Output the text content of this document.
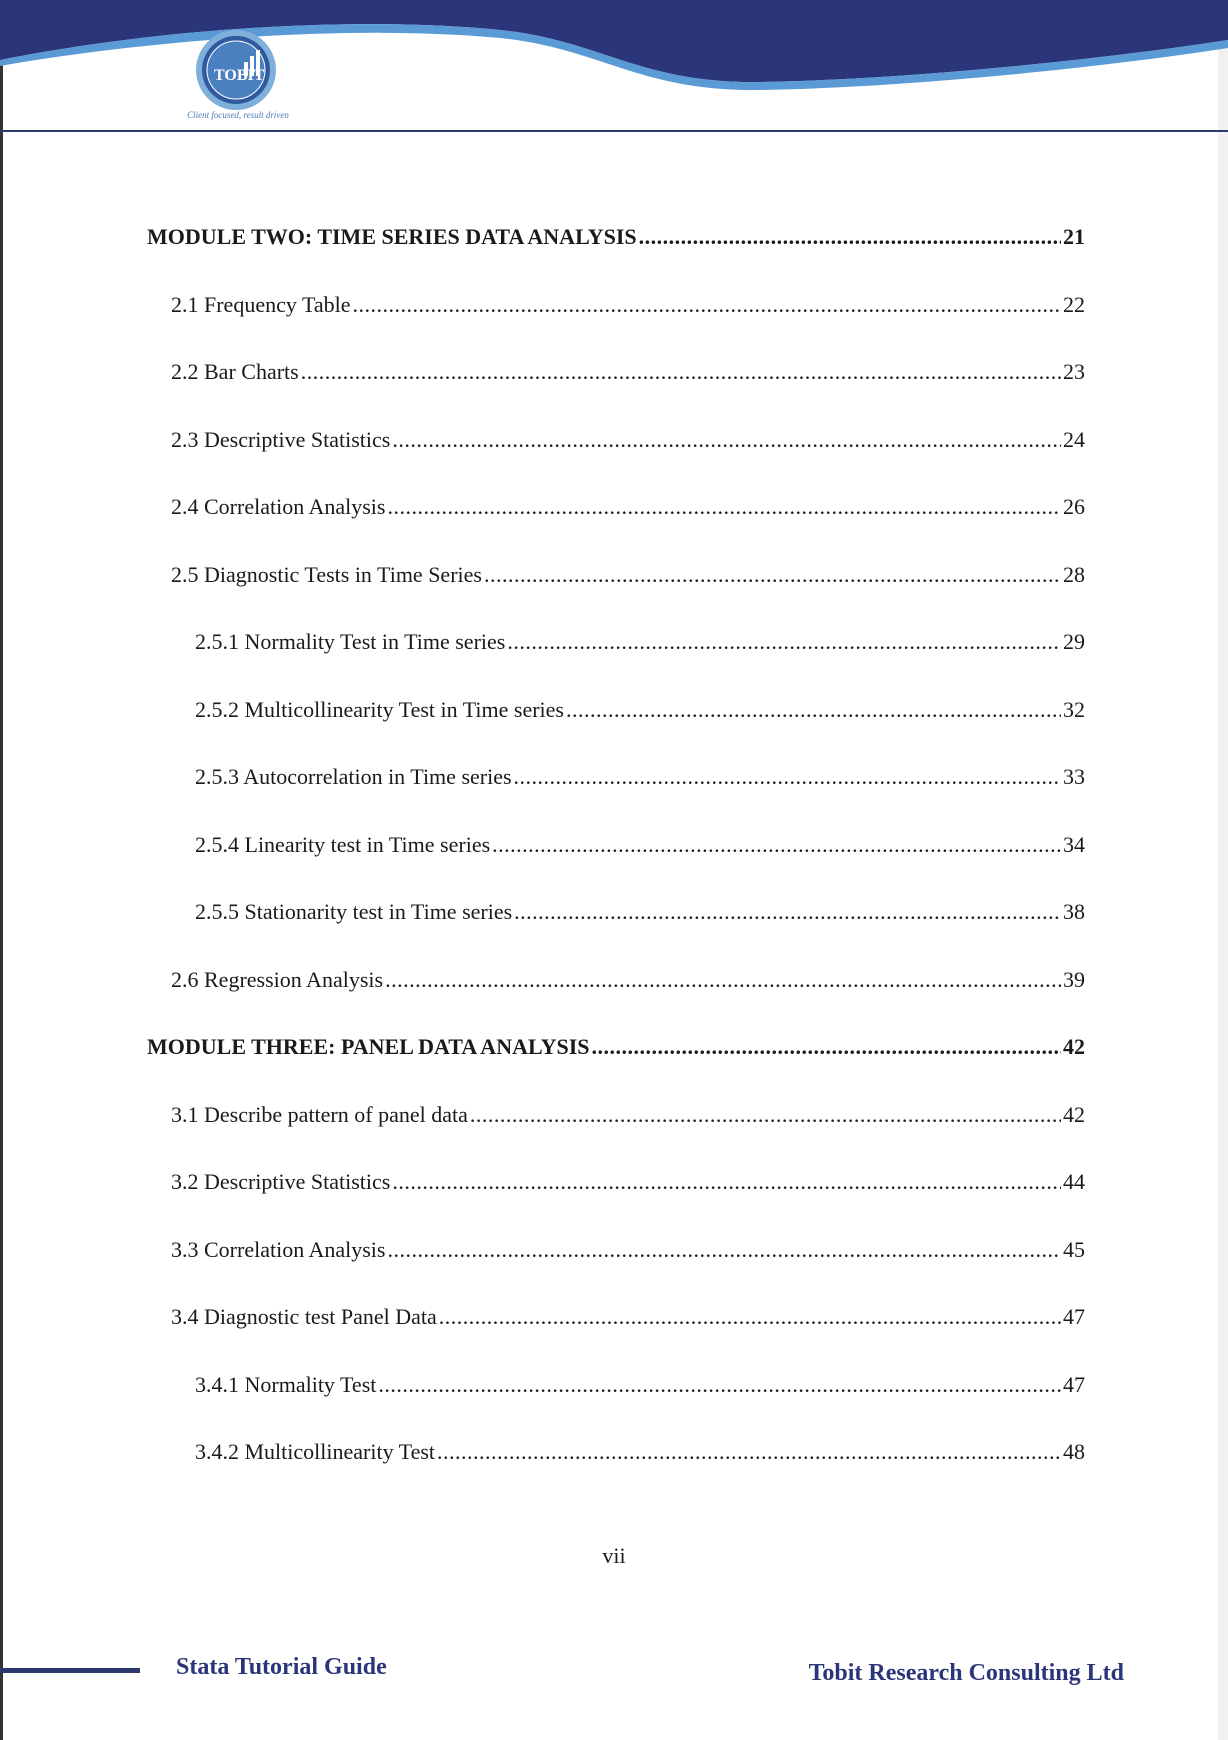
TOBIT
Client focused, result driven
MODULE TWO: TIME SERIES DATA ANALYSIS .....	21
2.1 Frequency Table .....	22
2.2 Bar Charts .....	23
2.3 Descriptive Statistics .....	24
2.4 Correlation Analysis .....	26
2.5 Diagnostic Tests in Time Series .....	28
2.5.1 Normality Test in Time series .....	29
2.5.2 Multicollinearity Test in Time series .....	32
2.5.3 Autocorrelation in Time series .....	33
2.5.4 Linearity test in Time series .....	34
2.5.5 Stationarity test in Time series .....	38
2.6 Regression Analysis .....	39
MODULE THREE: PANEL DATA ANALYSIS .....	42
3.1 Describe pattern of panel data .....	42
3.2 Descriptive Statistics .....	44
3.3 Correlation Analysis .....	45
3.4 Diagnostic test Panel Data .....	47
3.4.1 Normality Test .....	47
3.4.2 Multicollinearity Test .....	48
vii
Stata Tutorial Guide	Tobit Research Consulting Ltd
